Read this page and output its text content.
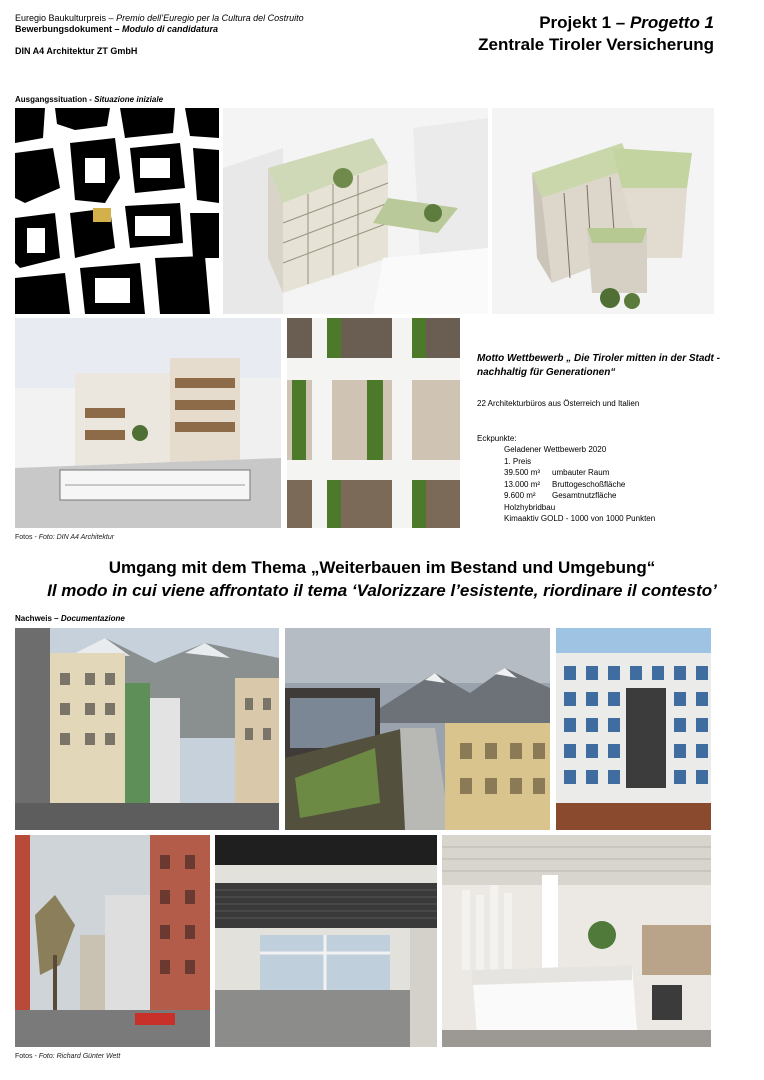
Euregio Baukulturpreis – Premio dell’Euregio per la Cultura del Costruito
Bewerbungsdokument – Modulo di candidatura
DIN A4 Architektur ZT GmbH
Projekt 1 – Progetto 1
Zentrale Tiroler Versicherung
Ausgangssituation - Situazione iniziale

Motto Wettbewerb „ Die Tiroler mitten in der Stadt - nachhaltig für Generationen“

22 Architekturbüros aus Österreich und Italien

Eckpunkte:

Geladener Wettbewerb 2020

1. Preis

39.500 m³ umbauter Raum

13.000 m² Bruttogeschoßfläche

9.600 m² Gesamtnutzfläche

Holzhybridbau

Kimaaktiv GOLD - 1000 von 1000 Punkten

Fotos - Foto: DIN A4 Architektur
Umgang mit dem Thema „Weiterbauen im Bestand und Umgebung“
Il modo in cui viene affrontato il tema ‘Valorizzare l’esistente, riordinare il contesto’
Nachweis – Documentazione
Fotos - Foto: Richard Günter Wett
